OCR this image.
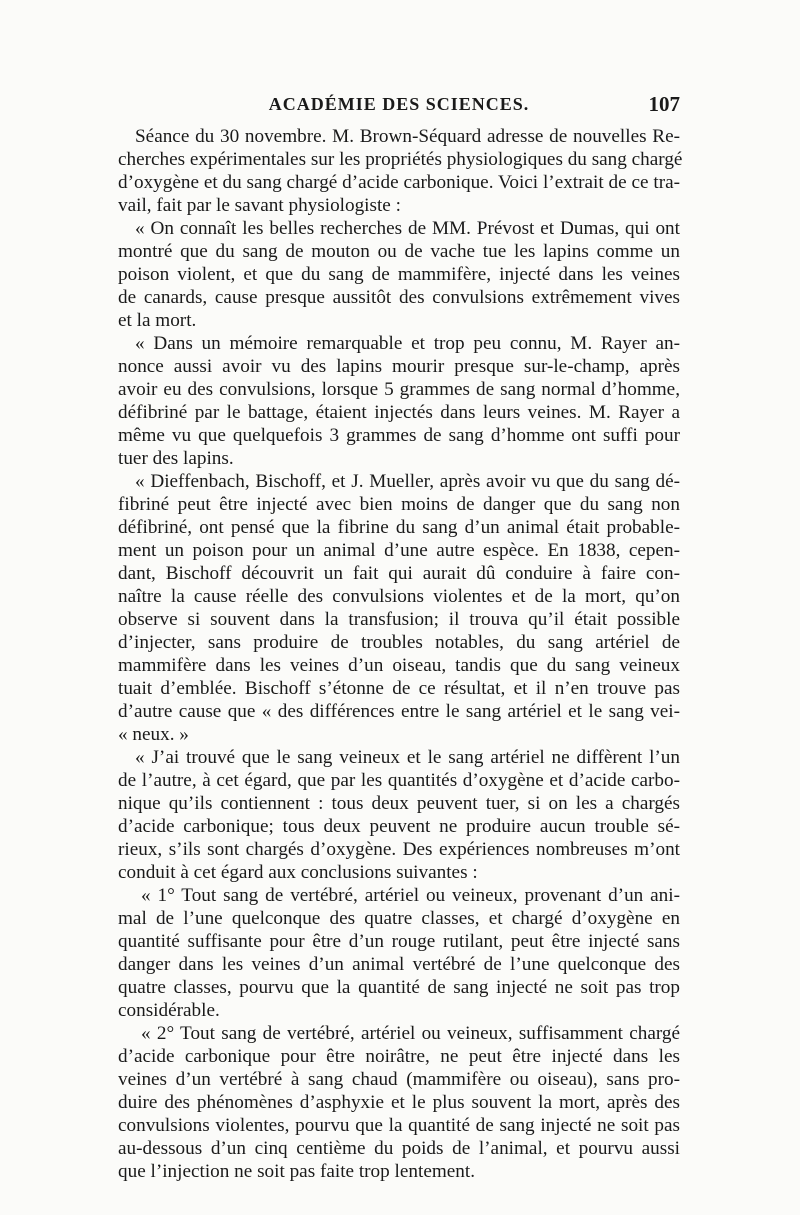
ACADÉMIE DES SCIENCES.	107
Séance du 30 novembre. M. Brown-Séquard adresse de nouvelles Re-
cherches expérimentales sur les propriétés physiologiques du sang chargé
d’oxygène et du sang chargé d’acide carbonique. Voici l’extrait de ce tra-
vail, fait par le savant physiologiste :
« On connaît les belles recherches de MM. Prévost et Dumas, qui ont
montré que du sang de mouton ou de vache tue les lapins comme un
poison violent, et que du sang de mammifère, injecté dans les veines
de canards, cause presque aussitôt des convulsions extrêmement vives
et la mort.
« Dans un mémoire remarquable et trop peu connu, M. Rayer an-
nonce aussi avoir vu des lapins mourir presque sur-le-champ, après
avoir eu des convulsions, lorsque 5 grammes de sang normal d’homme,
défibriné par le battage, étaient injectés dans leurs veines. M. Rayer a
même vu que quelquefois 3 grammes de sang d’homme ont suffi pour
tuer des lapins.
« Dieffenbach, Bischoff, et J. Mueller, après avoir vu que du sang dé-
fibriné peut être injecté avec bien moins de danger que du sang non
défibriné, ont pensé que la fibrine du sang d’un animal était probable-
ment un poison pour un animal d’une autre espèce. En 1838, cepen-
dant, Bischoff découvrit un fait qui aurait dû conduire à faire con-
naître la cause réelle des convulsions violentes et de la mort, qu’on
observe si souvent dans la transfusion; il trouva qu’il était possible
d’injecter, sans produire de troubles notables, du sang artériel de
mammifère dans les veines d’un oiseau, tandis que du sang veineux
tuait d’emblée. Bischoff s’étonne de ce résultat, et il n’en trouve pas
d’autre cause que « des différences entre le sang artériel et le sang vei-
« neux. »
« J’ai trouvé que le sang veineux et le sang artériel ne diffèrent l’un
de l’autre, à cet égard, que par les quantités d’oxygène et d’acide carbo-
nique qu’ils contiennent : tous deux peuvent tuer, si on les a chargés
d’acide carbonique; tous deux peuvent ne produire aucun trouble sé-
rieux, s’ils sont chargés d’oxygène. Des expériences nombreuses m’ont
conduit à cet égard aux conclusions suivantes :
« 1° Tout sang de vertébré, artériel ou veineux, provenant d’un ani-
mal de l’une quelconque des quatre classes, et chargé d’oxygène en
quantité suffisante pour être d’un rouge rutilant, peut être injecté sans
danger dans les veines d’un animal vertébré de l’une quelconque des
quatre classes, pourvu que la quantité de sang injecté ne soit pas trop
considérable.
« 2° Tout sang de vertébré, artériel ou veineux, suffisamment chargé
d’acide carbonique pour être noirâtre, ne peut être injecté dans les
veines d’un vertébré à sang chaud (mammifère ou oiseau), sans pro-
duire des phénomènes d’asphyxie et le plus souvent la mort, après des
convulsions violentes, pourvu que la quantité de sang injecté ne soit pas
au-dessous d’un cinq centième du poids de l’animal, et pourvu aussi
que l’injection ne soit pas faite trop lentement.
